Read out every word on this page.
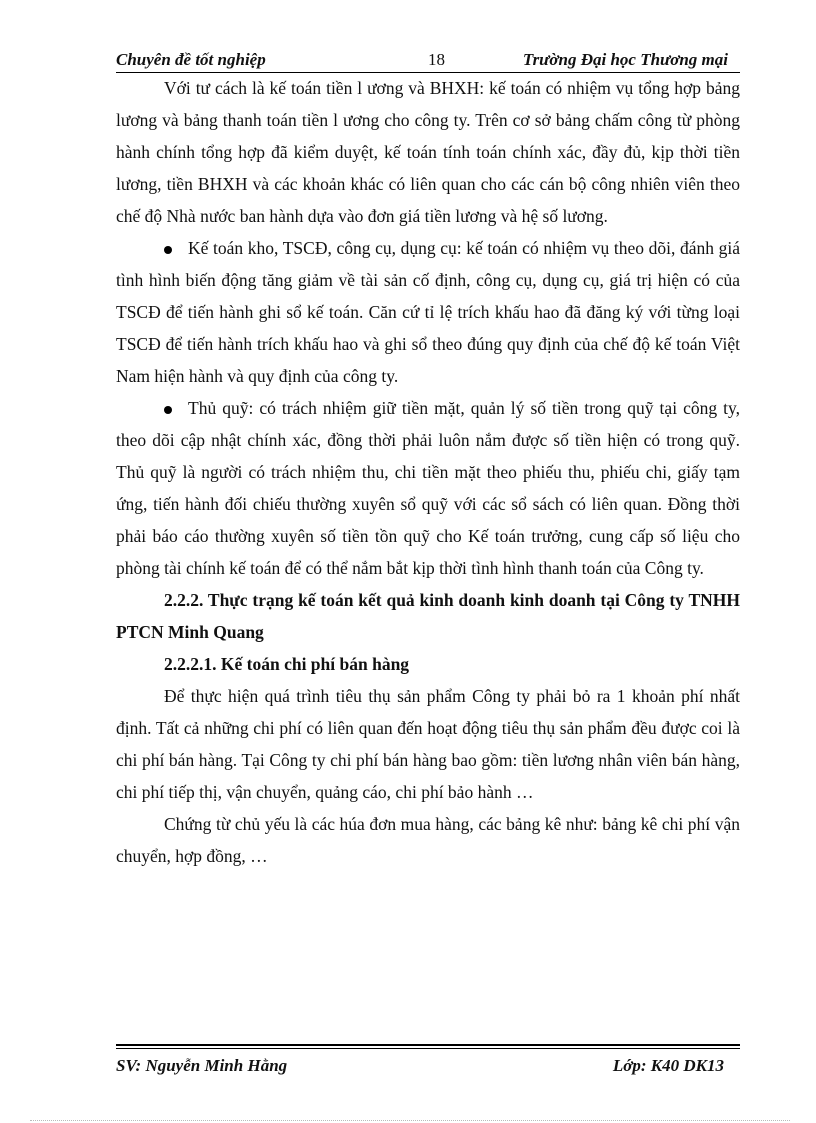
Chuyên đề tốt nghiệp	18	Trường Đại học Thương mại

Với tư cách là kế toán tiền l ương và BHXH: kế toán có nhiệm vụ tổng hợp bảng lương và bảng thanh toán tiền l ương cho công ty. Trên cơ sở bảng chấm công từ phòng hành chính tổng hợp đã kiểm duyệt, kế toán tính toán chính xác, đầy đủ, kịp thời tiền lương, tiền BHXH và các khoản khác có liên quan cho các cán bộ công nhiên viên theo chế độ Nhà nước ban hành dựa vào đơn giá tiền lương và hệ số lương.

Kế toán kho, TSCĐ, công cụ, dụng cụ: kế toán có nhiệm vụ theo dõi, đánh giá tình hình biến động tăng giảm về tài sản cố định, công cụ, dụng cụ, giá trị hiện có của TSCĐ để tiến hành ghi sổ kế toán. Căn cứ tỉ lệ trích khấu hao đã đăng ký với từng loại TSCĐ để tiến hành trích khấu hao và ghi sổ theo đúng quy định của chế độ kế toán Việt Nam hiện hành và quy định của công ty.

Thủ quỹ: có trách nhiệm giữ tiền mặt, quản lý số tiền trong quỹ tại công ty, theo dõi cập nhật chính xác, đồng thời phải luôn nắm được số tiền hiện có trong quỹ. Thủ quỹ là người có trách nhiệm thu, chi tiền mặt theo phiếu thu, phiếu chi, giấy tạm ứng, tiến hành đối chiếu thường xuyên sổ quỹ với các sổ sách có liên quan. Đồng thời phải báo cáo thường xuyên số tiền tồn quỹ cho Kế toán trưởng, cung cấp số liệu cho phòng tài chính kế toán để có thể nắm bắt kịp thời tình hình thanh toán của Công ty.

2.2.2. Thực trạng kế toán kết quả kinh doanh kinh doanh tại Công ty TNHH PTCN Minh Quang

2.2.2.1. Kế toán chi phí bán hàng

Để thực hiện quá trình tiêu thụ sản phẩm Công ty phải bỏ ra 1 khoản phí nhất định. Tất cả những chi phí có liên quan đến hoạt động tiêu thụ sản phẩm đều được coi là chi phí bán hàng. Tại Công ty chi phí bán hàng bao gồm: tiền lương nhân viên bán hàng, chi phí tiếp thị, vận chuyển, quảng cáo, chi phí bảo hành …

Chứng từ chủ yếu là các húa đơn mua hàng, các bảng kê như: bảng kê chi phí vận chuyển, hợp đồng, …

SV: Nguyễn Minh Hằng	Lớp: K40 DK13
